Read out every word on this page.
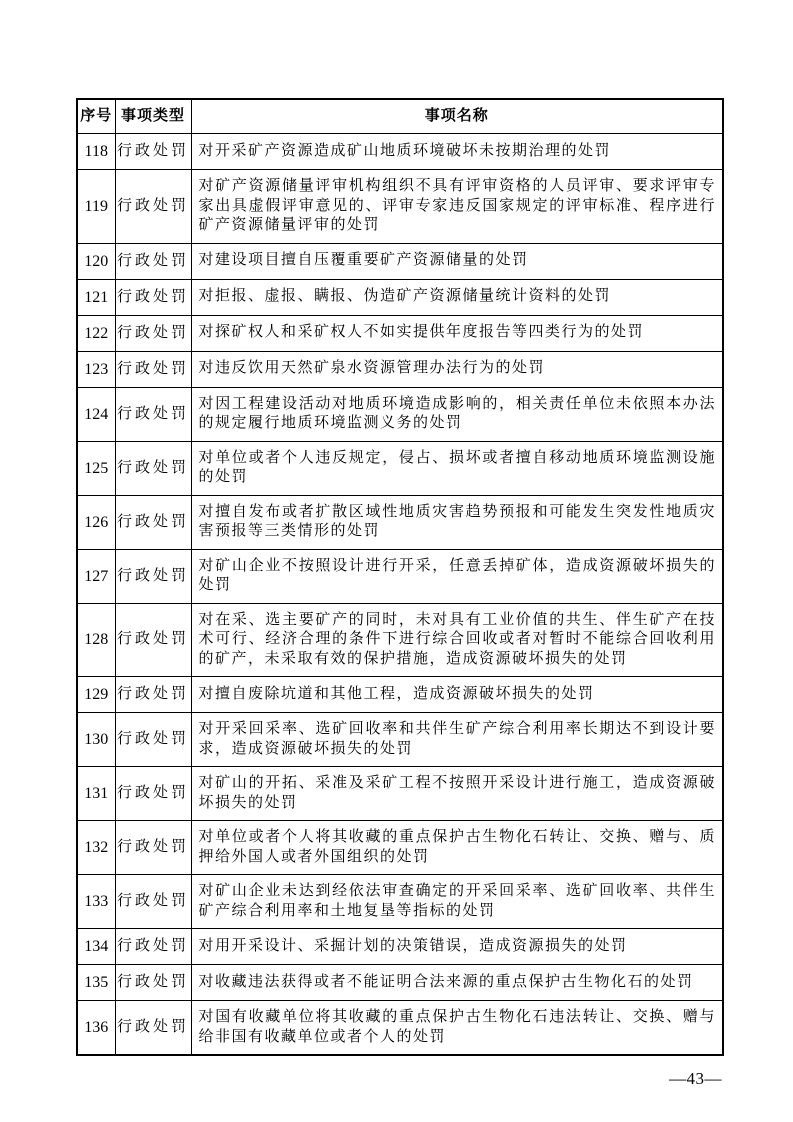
序号	事项类型	事项名称
118	行政处罚	对开采矿产资源造成矿山地质环境破坏未按期治理的处罚
119	行政处罚	对矿产资源储量评审机构组织不具有评审资格的人员评审、要求评审专家出具虚假评审意见的、评审专家违反国家规定的评审标准、程序进行矿产资源储量评审的处罚
120	行政处罚	对建设项目擅自压覆重要矿产资源储量的处罚
121	行政处罚	对拒报、虚报、瞒报、伪造矿产资源储量统计资料的处罚
122	行政处罚	对探矿权人和采矿权人不如实提供年度报告等四类行为的处罚
123	行政处罚	对违反饮用天然矿泉水资源管理办法行为的处罚
124	行政处罚	对因工程建设活动对地质环境造成影响的，相关责任单位未依照本办法的规定履行地质环境监测义务的处罚
125	行政处罚	对单位或者个人违反规定，侵占、损坏或者擅自移动地质环境监测设施的处罚
126	行政处罚	对擅自发布或者扩散区域性地质灾害趋势预报和可能发生突发性地质灾害预报等三类情形的处罚
127	行政处罚	对矿山企业不按照设计进行开采，任意丢掉矿体，造成资源破坏损失的处罚
128	行政处罚	对在采、选主要矿产的同时，未对具有工业价值的共生、伴生矿产在技术可行、经济合理的条件下进行综合回收或者对暂时不能综合回收利用的矿产，未采取有效的保护措施，造成资源破坏损失的处罚
129	行政处罚	对擅自废除坑道和其他工程，造成资源破坏损失的处罚
130	行政处罚	对开采回采率、选矿回收率和共伴生矿产综合利用率长期达不到设计要求，造成资源破坏损失的处罚
131	行政处罚	对矿山的开拓、采准及采矿工程不按照开采设计进行施工，造成资源破坏损失的处罚
132	行政处罚	对单位或者个人将其收藏的重点保护古生物化石转让、交换、赠与、质押给外国人或者外国组织的处罚
133	行政处罚	对矿山企业未达到经依法审查确定的开采回采率、选矿回收率、共伴生矿产综合利用率和土地复垦等指标的处罚
134	行政处罚	对用开采设计、采掘计划的决策错误，造成资源损失的处罚
135	行政处罚	对收藏违法获得或者不能证明合法来源的重点保护古生物化石的处罚
136	行政处罚	对国有收藏单位将其收藏的重点保护古生物化石违法转让、交换、赠与给非国有收藏单位或者个人的处罚
—43—
